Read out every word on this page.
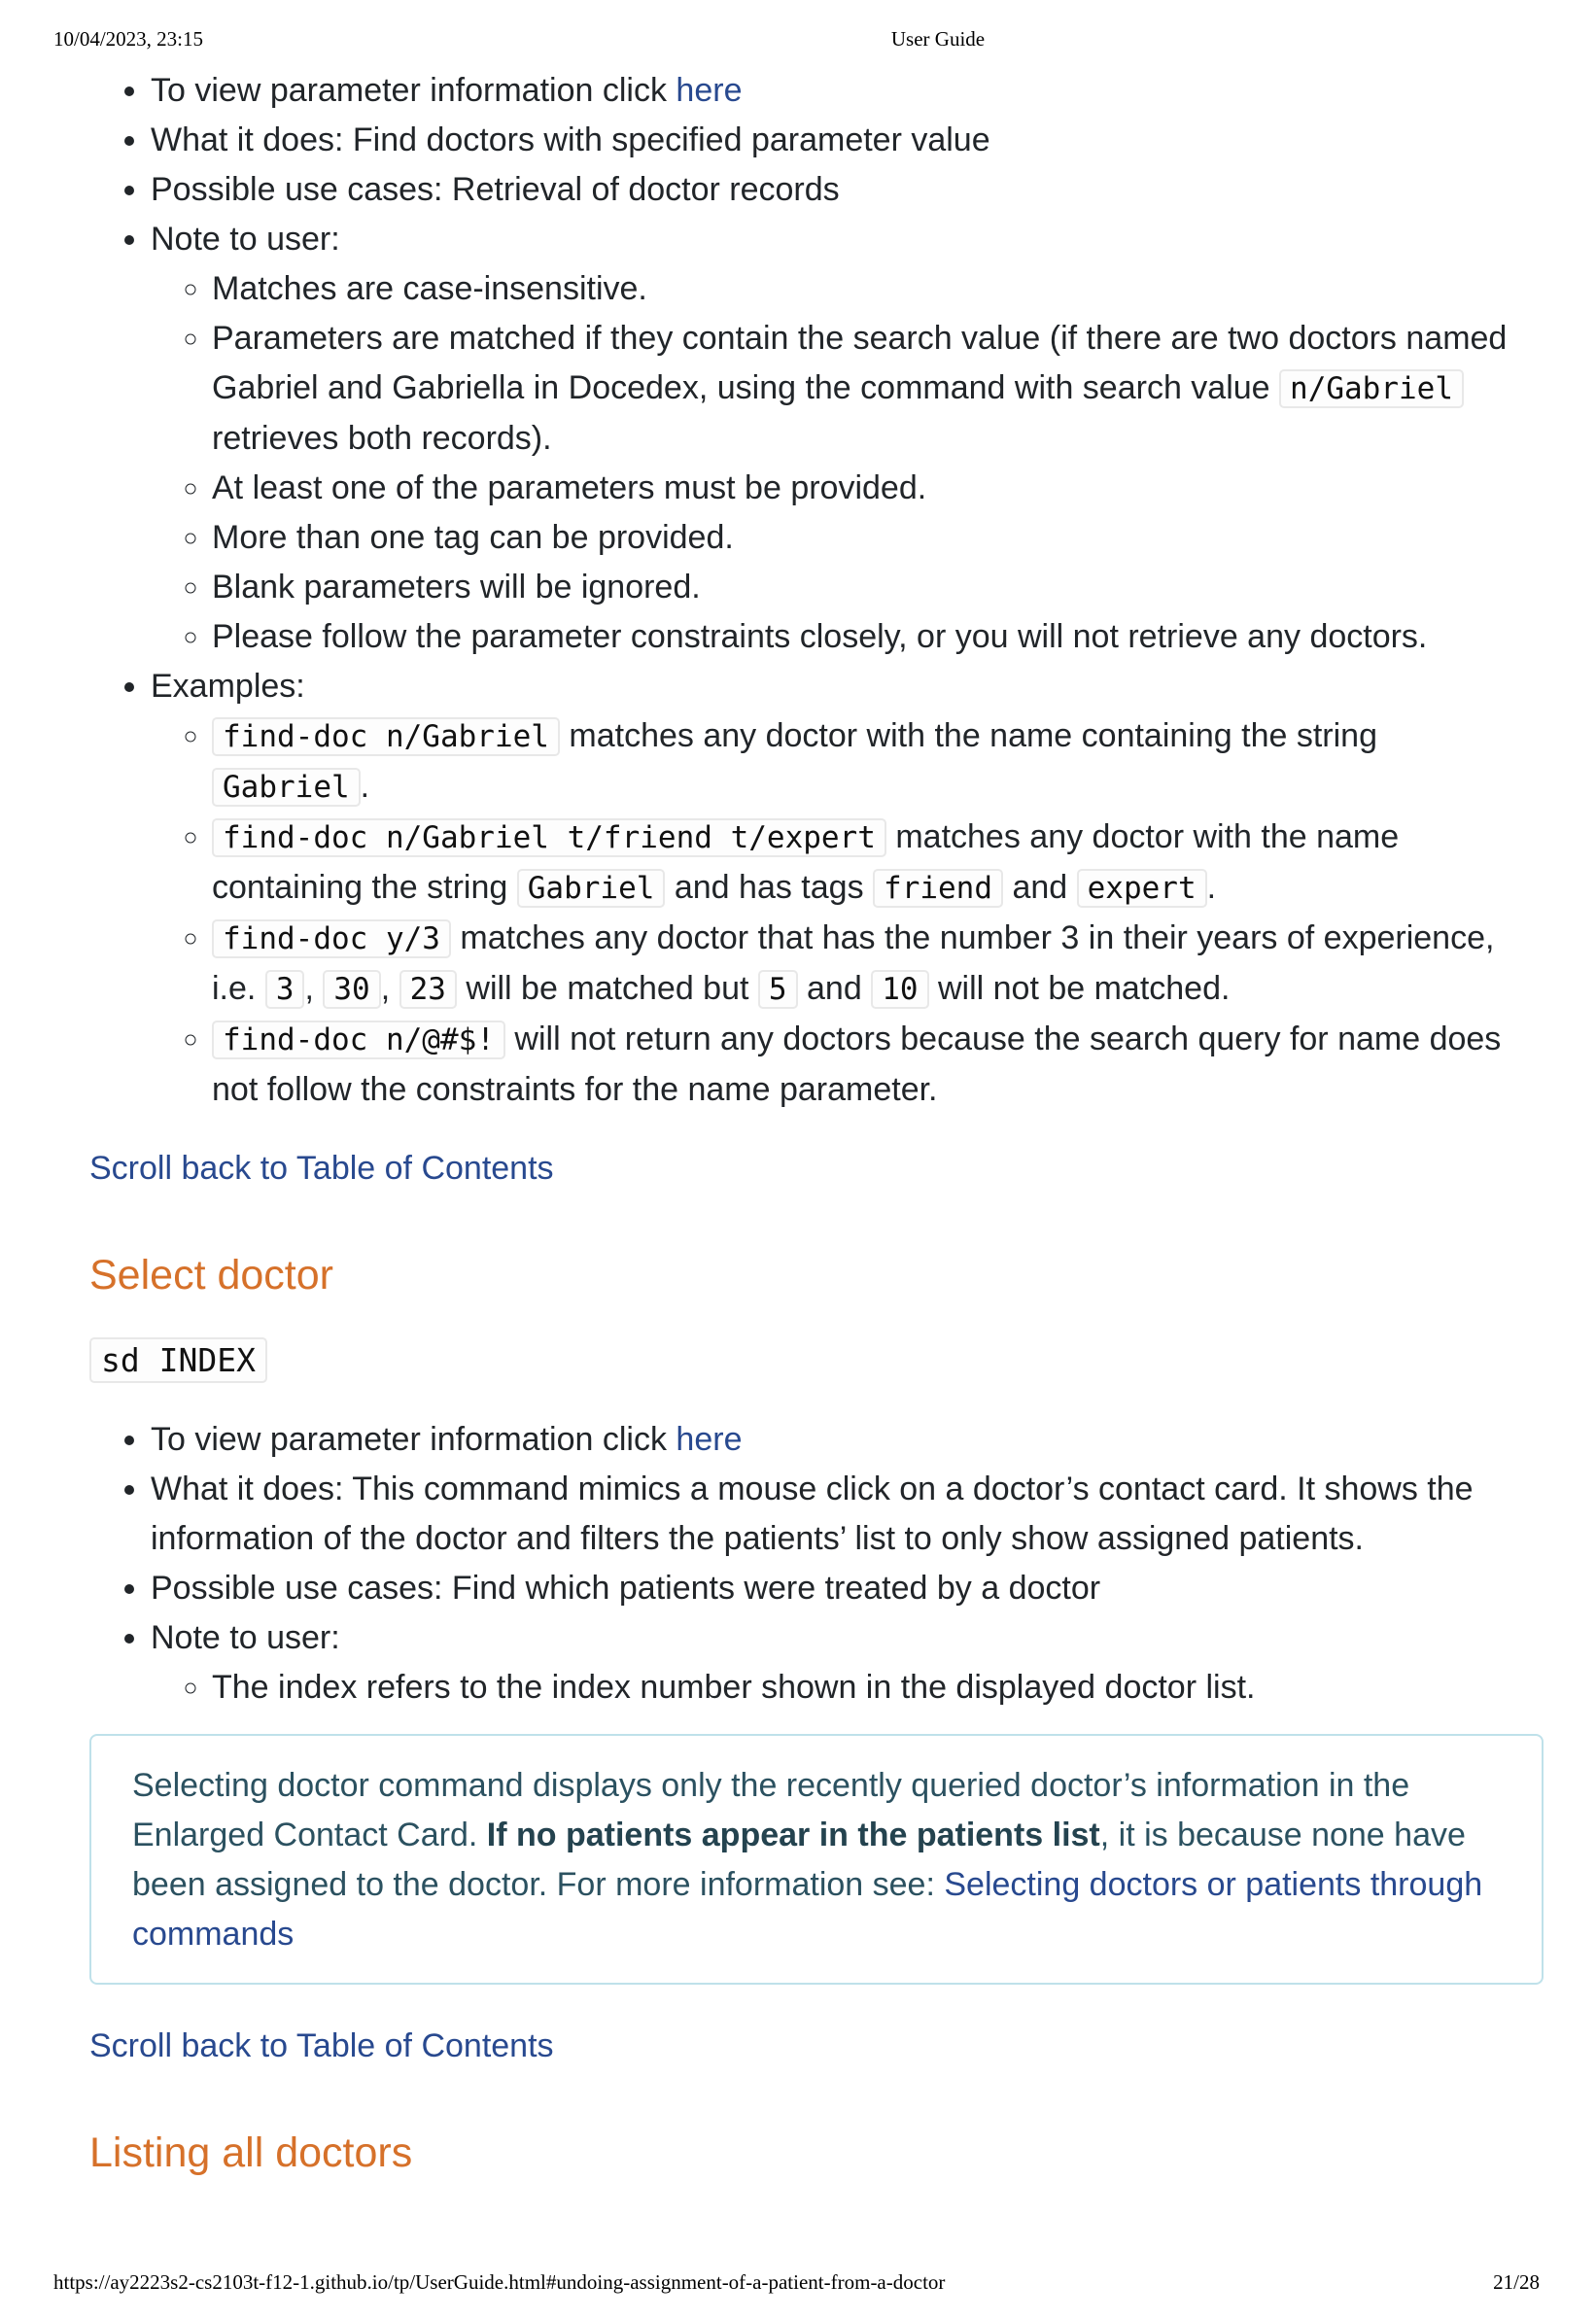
10/04/2023, 23:15	User Guide
• To view parameter information click here
• What it does: Find doctors with specified parameter value
• Possible use cases: Retrieval of doctor records
• Note to user:
◦ Matches are case-insensitive.
◦ Parameters are matched if they contain the search value (if there are two doctors named Gabriel and Gabriella in Docedex, using the command with search value n/Gabriel retrieves both records).
◦ At least one of the parameters must be provided.
◦ More than one tag can be provided.
◦ Blank parameters will be ignored.
◦ Please follow the parameter constraints closely, or you will not retrieve any doctors.
• Examples:
◦ find-doc n/Gabriel matches any doctor with the name containing the string Gabriel .
◦ find-doc n/Gabriel t/friend t/expert matches any doctor with the name containing the string Gabriel and has tags friend and expert .
◦ find-doc y/3 matches any doctor that has the number 3 in their years of experience, i.e. 3 , 30 , 23 will be matched but 5 and 10 will not be matched.
◦ find-doc n/@#$! will not return any doctors because the search query for name does not follow the constraints for the name parameter.
Scroll back to Table of Contents
Select doctor
sd INDEX
• To view parameter information click here
• What it does: This command mimics a mouse click on a doctor’s contact card. It shows the information of the doctor and filters the patients’ list to only show assigned patients.
• Possible use cases: Find which patients were treated by a doctor
• Note to user:
◦ The index refers to the index number shown in the displayed doctor list.
Selecting doctor command displays only the recently queried doctor’s information in the Enlarged Contact Card. If no patients appear in the patients list, it is because none have been assigned to the doctor. For more information see: Selecting doctors or patients through commands
Scroll back to Table of Contents
Listing all doctors
https://ay2223s2-cs2103t-f12-1.github.io/tp/UserGuide.html#undoing-assignment-of-a-patient-from-a-doctor	21/28
